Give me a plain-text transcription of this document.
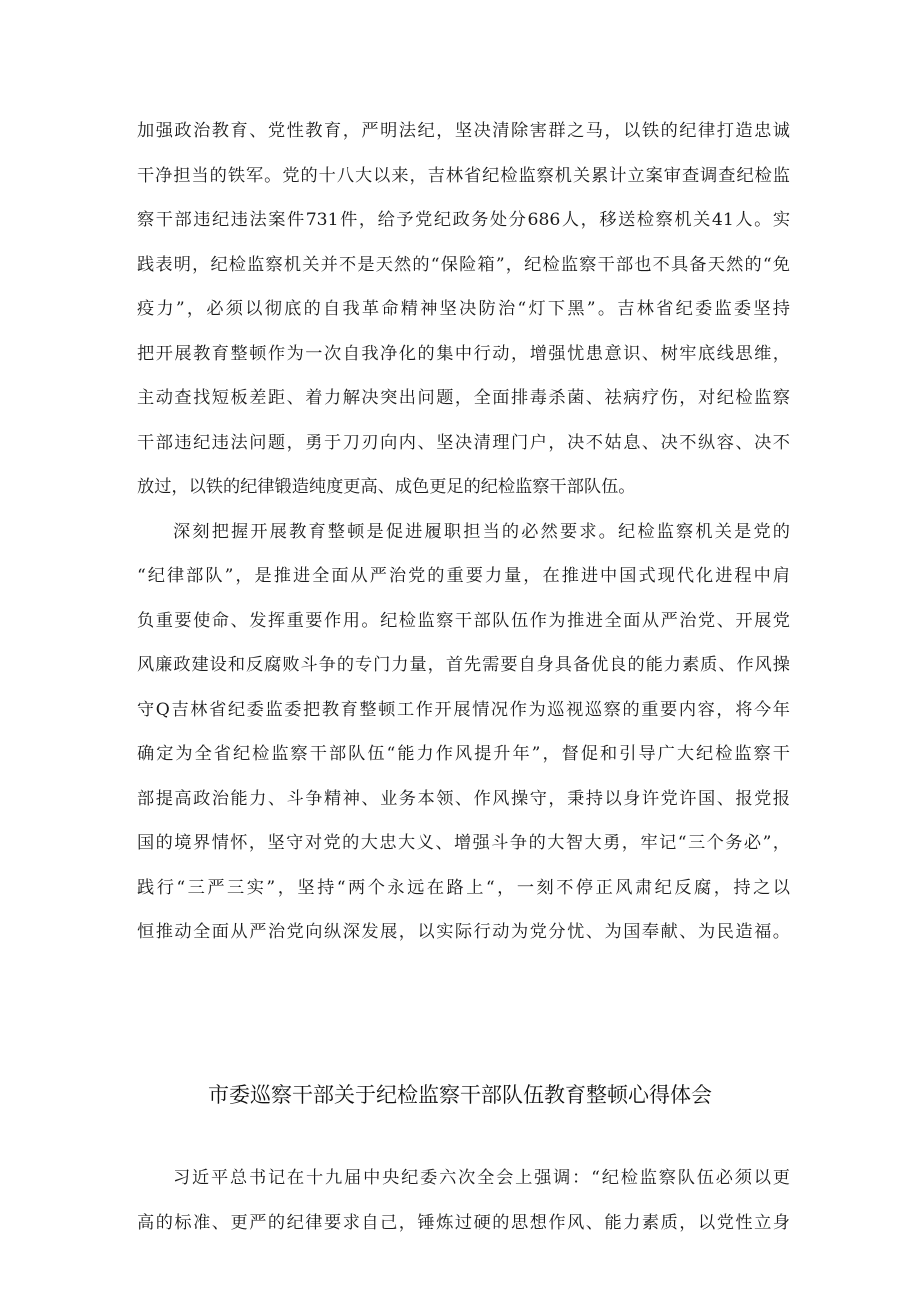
加强政治教育、党性教育，严明法纪，坚决清除害群之马，以铁的纪律打造忠诚
干净担当的铁军。党的十八大以来，吉林省纪检监察机关累计立案审查调查纪检监
察干部违纪违法案件731件，给予党纪政务处分686人，移送检察机关41人。实
践表明，纪检监察机关并不是天然的“保险箱”，纪检监察干部也不具备天然的“免
疫力”，必须以彻底的自我革命精神坚决防治“灯下黑”。吉林省纪委监委坚持
把开展教育整顿作为一次自我净化的集中行动，增强忧患意识、树牢底线思维，
主动查找短板差距、着力解决突出问题，全面排毒杀菌、祛病疗伤，对纪检监察
干部违纪违法问题，勇于刀刃向内、坚决清理门户，决不姑息、决不纵容、决不
放过，以铁的纪律锻造纯度更高、成色更足的纪检监察干部队伍。
深刻把握开展教育整顿是促进履职担当的必然要求。纪检监察机关是党的
“纪律部队”，是推进全面从严治党的重要力量，在推进中国式现代化进程中肩
负重要使命、发挥重要作用。纪检监察干部队伍作为推进全面从严治党、开展党
风廉政建设和反腐败斗争的专门力量，首先需要自身具备优良的能力素质、作风操
守Q吉林省纪委监委把教育整顿工作开展情况作为巡视巡察的重要内容，将今年
确定为全省纪检监察干部队伍“能力作风提升年”，督促和引导广大纪检监察干
部提高政治能力、斗争精神、业务本领、作风操守，秉持以身许党许国、报党报
国的境界情怀，坚守对党的大忠大义、增强斗争的大智大勇，牢记“三个务必”，
践行“三严三实”，坚持“两个永远在路上“，一刻不停正风肃纪反腐，持之以
恒推动全面从严治党向纵深发展，以实际行动为党分忧、为国奉献、为民造福。
市委巡察干部关于纪检监察干部队伍教育整顿心得体会
习近平总书记在十九届中央纪委六次全会上强调：“纪检监察队伍必须以更
高的标准、更严的纪律要求自己，锤炼过硬的思想作风、能力素质，以党性立身
